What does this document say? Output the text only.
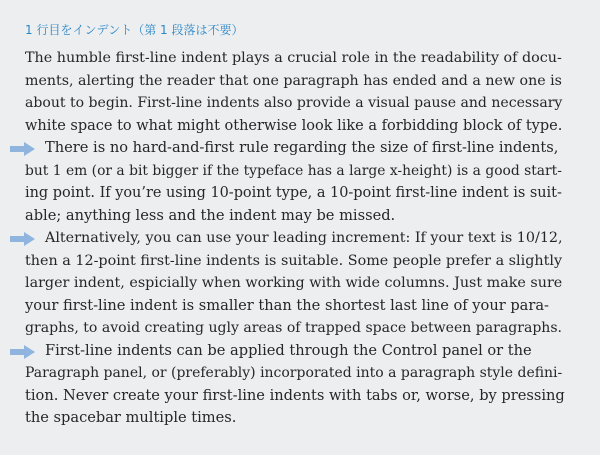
1 行目をインデント（第 1 段落は不要）

The humble first-line indent plays a crucial role in the readability of docu-
ments, alerting the reader that one paragraph has ended and a new one is
about to begin. First-line indents also provide a visual pause and necessary
white space to what might otherwise look like a forbidding block of type.

There is no hard-and-first rule regarding the size of first-line indents,
but 1 em (or a bit bigger if the typeface has a large x-height) is a good start-
ing point. If you’re using 10-point type, a 10-point first-line indent is suit-
able; anything less and the indent may be missed.

Alternatively, you can use your leading increment: If your text is 10/12,
then a 12-point first-line indents is suitable. Some people prefer a slightly
larger indent, espicially when working with wide columns. Just make sure
your first-line indent is smaller than the shortest last line of your para-
graphs, to avoid creating ugly areas of trapped space between paragraphs.

First-line indents can be applied through the Control panel or the
Paragraph panel, or (preferably) incorporated into a paragraph style defini-
tion. Never create your first-line indents with tabs or, worse, by pressing
the spacebar multiple times.
